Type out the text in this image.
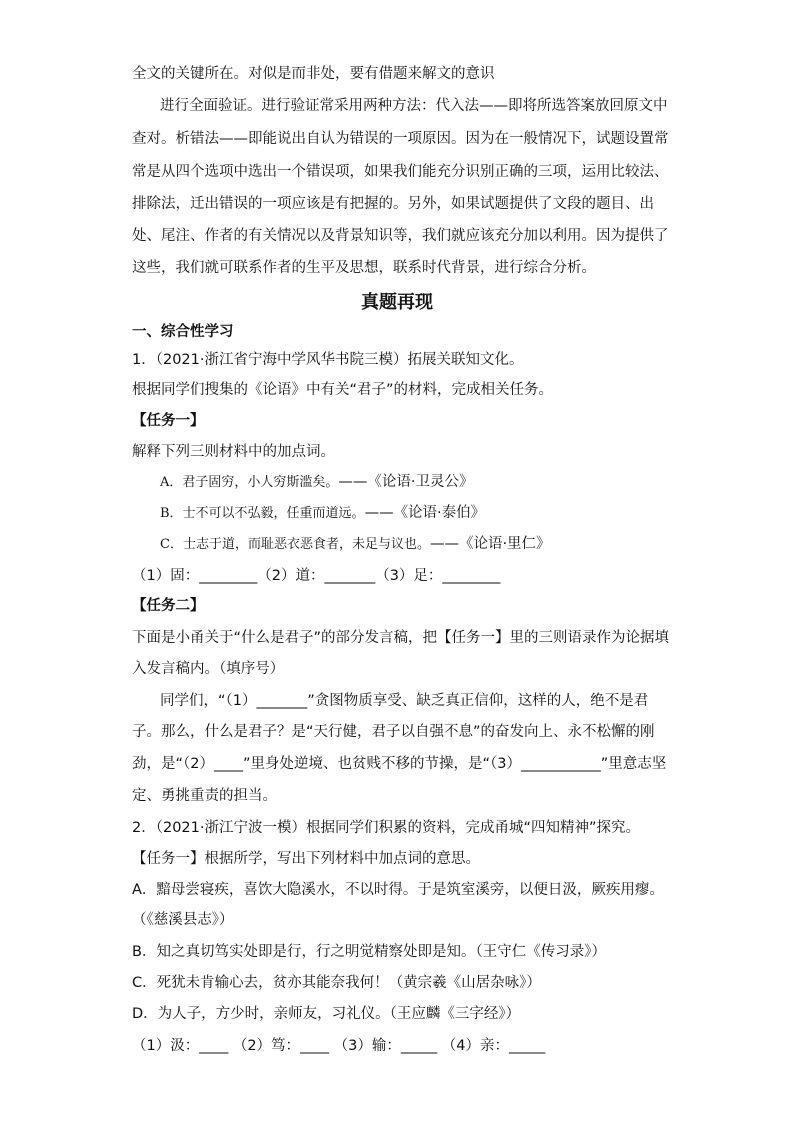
全文的关键所在。对似是而非处，要有借题来解文的意识
进行全面验证。进行验证常采用两种方法：代入法——即将所选答案放回原文中
查对。析错法——即能说出自认为错误的一项原因。因为在一般情况下，试题设置常
常是从四个选项中选出一个错误项，如果我们能充分识别正确的三项，运用比较法、
排除法，迁出错误的一项应该是有把握的。另外，如果试题提供了文段的题目、出
处、尾注、作者的有关情况以及背景知识等，我们就应该充分加以利用。因为提供了
这些，我们就可联系作者的生平及思想，联系时代背景，进行综合分析。
真题再现
一、综合性学习
1．（2021·浙江省宁海中学风华书院三模）拓展关联知文化。
根据同学们搜集的《论语》中有关“君子”的材料，完成相关任务。
【任务一】
解释下列三则材料中的加点词。
A．君子固穷，小人穷斯滥矣。——《论语·卫灵公》
B．士不可以不弘毅，任重而道远。——《论语·泰伯》
C．士志于道，而耻恶衣恶食者，未足与议也。——《论语·里仁》
（1）固：________（2）道：_______（3）足：________
【任务二】
下面是小甬关于“什么是君子”的部分发言稿，把【任务一】里的三则语录作为论据填
入发言稿内。（填序号）
同学们，“（1）_______”贪图物质享受、缺乏真正信仰，这样的人，绝不是君
子。那么，什么是君子？是“天行健，君子以自强不息”的奋发向上、永不松懈的刚
劲，是“（2）____”里身处逆境、也贫贱不移的节操，是“（3）___________”里意志坚
定、勇挑重责的担当。
2．（2021·浙江宁波一模）根据同学们积累的资料，完成甬城“四知精神”探究。
【任务一】根据所学，写出下列材料中加点词的意思。
A．黯母尝寝疾，喜饮大隐溪水，不以时得。于是筑室溪旁，以便日汲，厥疾用瘳。
（《慈溪县志》）
B．知之真切笃实处即是行，行之明觉精察处即是知。（王守仁《传习录》）
C．死犹未肯输心去，贫亦其能奈我何！（黄宗羲《山居杂咏》）
D．为人子，方少时，亲师友，习礼仪。（王应麟《三字经》）
（1）汲：____ （2）笃：____ （3）输：_____ （4）亲：_____
